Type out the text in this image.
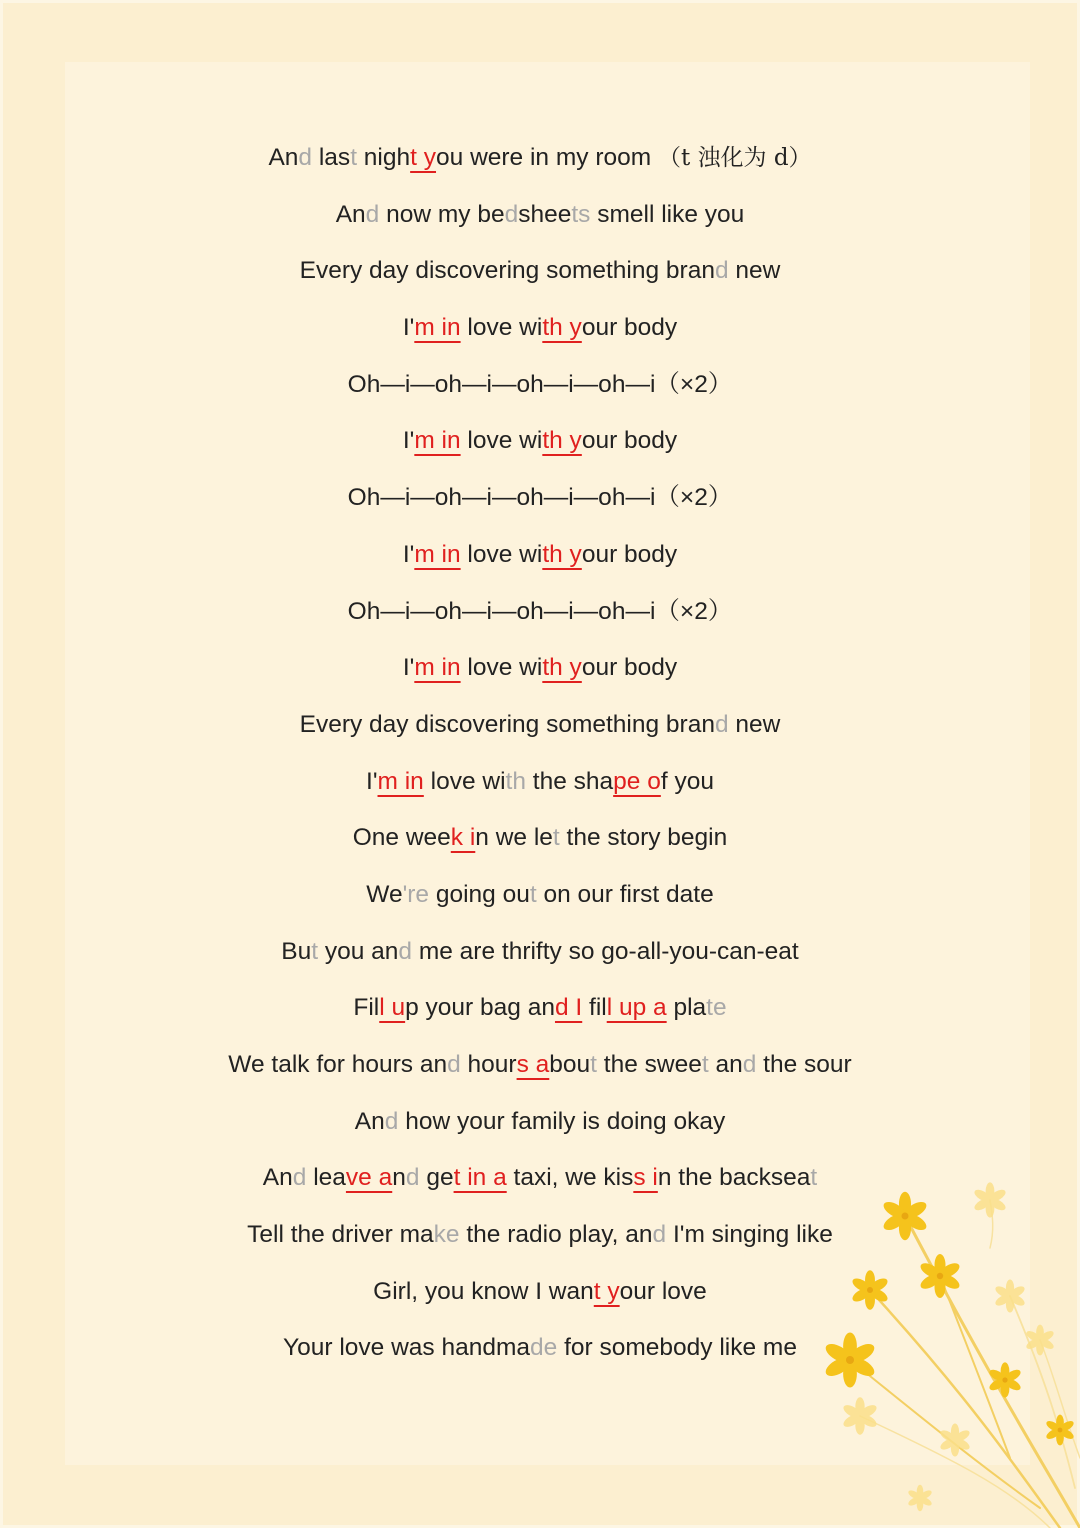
And last night you were in my room （t 浊化为 d）
And now my bedsheets smell like you
Every day discovering something brand new
I'm in love with your body
Oh—i—oh—i—oh—i—oh—i（×2）
I'm in love with your body
Oh—i—oh—i—oh—i—oh—i（×2）
I'm in love with your body
Oh—i—oh—i—oh—i—oh—i（×2）
I'm in love with your body
Every day discovering something brand new
I'm in love with the shape of you
One week in we let the story begin
We're going out on our first date
But you and me are thrifty so go-all-you-can-eat
Fill up your bag and I fill up a plate
We talk for hours and hours about the sweet and the sour
And how your family is doing okay
And leave and get in a taxi, we kiss in the backseat
Tell the driver make the radio play, and I'm singing like
Girl, you know I want your love
Your love was handmade for somebody like me
